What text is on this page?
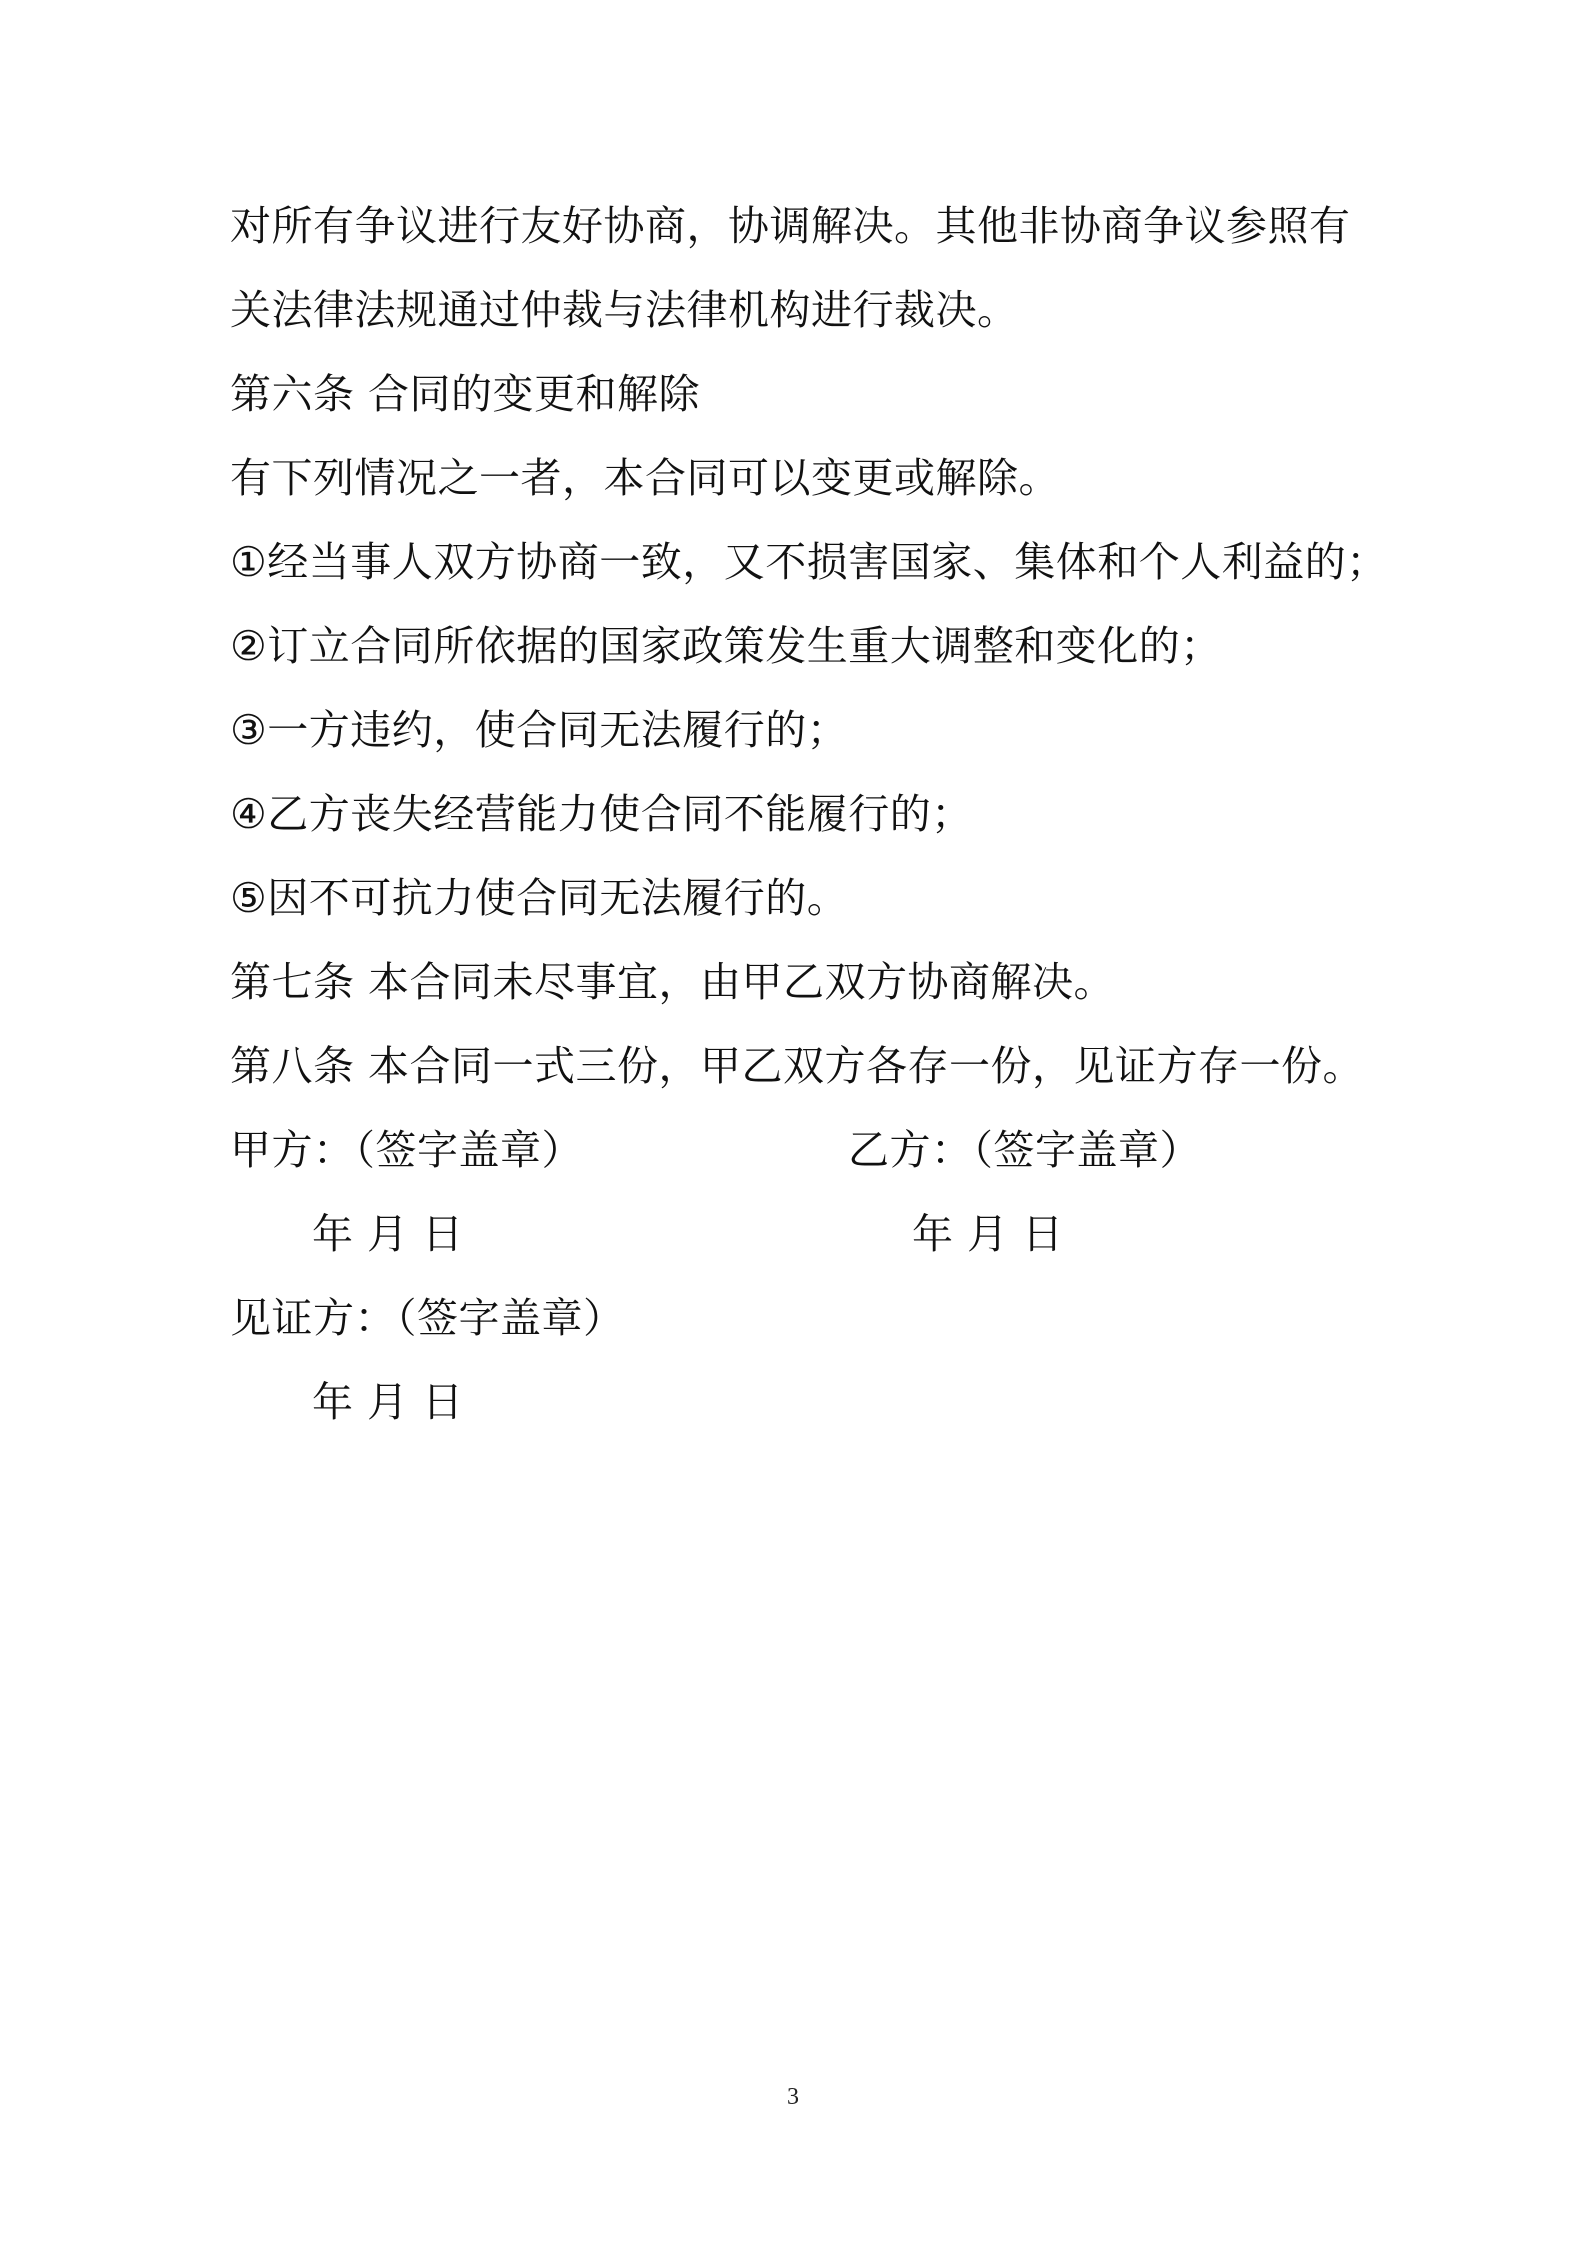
对所有争议进行友好协商，协调解决。其他非协商争议参照有
关法律法规通过仲裁与法律机构进行裁决。
第六条 合同的变更和解除
有下列情况之一者，本合同可以变更或解除。
①经当事人双方协商一致，又不损害国家、集体和个人利益的；
②订立合同所依据的国家政策发生重大调整和变化的；
③一方违约，使合同无法履行的；
④乙方丧失经营能力使合同不能履行的；
⑤因不可抗力使合同无法履行的。
第七条 本合同未尽事宜，由甲乙双方协商解决。
第八条 本合同一式三份，甲乙双方各存一份，见证方存一份。
甲方：（签字盖章）	乙方：（签字盖章）
年 月 日	年 月 日
见证方：（签字盖章）
年 月 日
3
